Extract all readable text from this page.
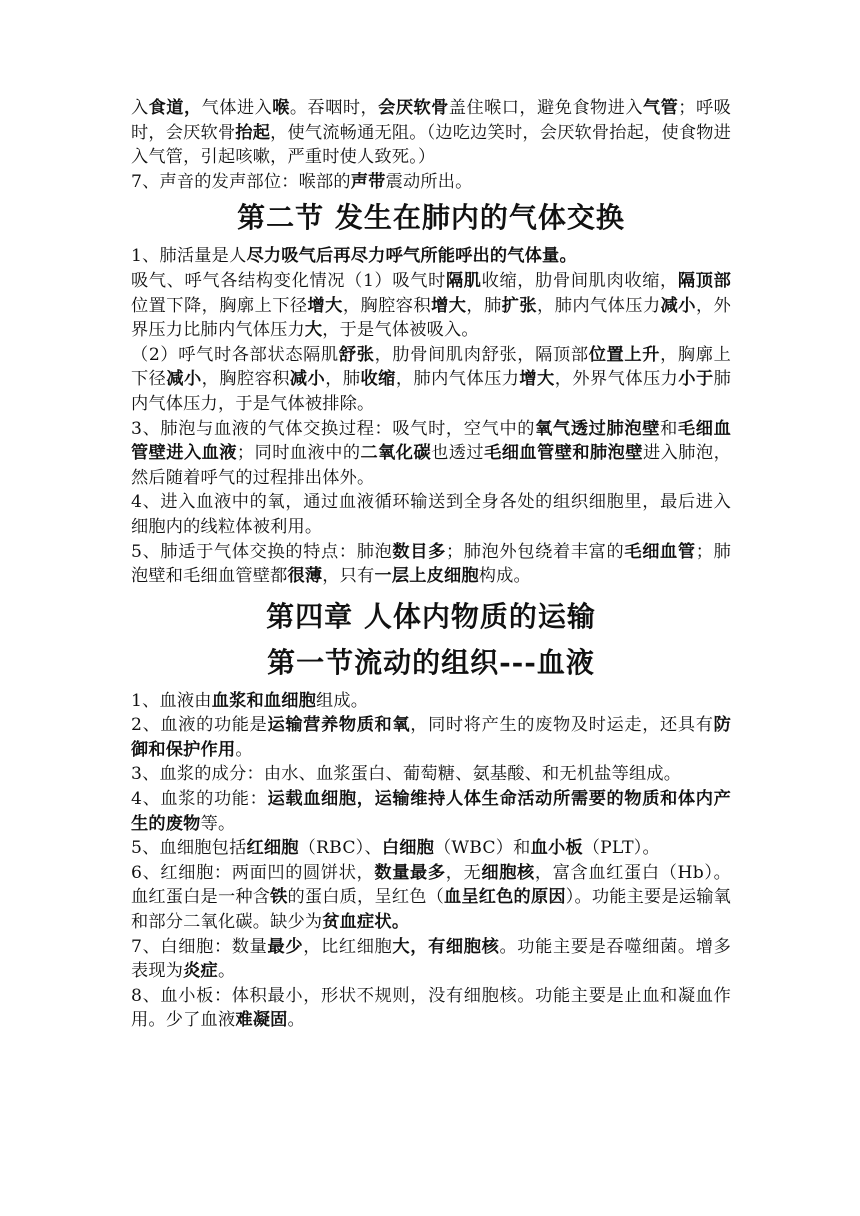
入食道，气体进入喉。吞咽时，会厌软骨盖住喉口，避免食物进入气管；呼吸时，会厌软骨抬起，使气流畅通无阻。（边吃边笑时，会厌软骨抬起，使食物进入气管，引起咳嗽，严重时使人致死。）

7、声音的发声部位：喉部的声带震动所出。

第二节 发生在肺内的气体交换

1、肺活量是人尽力吸气后再尽力呼气所能呼出的气体量。

吸气、呼气各结构变化情况（1）吸气时隔肌收缩，肋骨间肌肉收缩，隔顶部位置下降，胸廓上下径增大，胸腔容积增大，肺扩张，肺内气体压力减小，外界压力比肺内气体压力大，于是气体被吸入。

（2）呼气时各部状态隔肌舒张，肋骨间肌肉舒张，隔顶部位置上升，胸廓上下径减小，胸腔容积减小，肺收缩，肺内气体压力增大，外界气体压力小于肺内气体压力，于是气体被排除。

3、肺泡与血液的气体交换过程：吸气时，空气中的氧气透过肺泡壁和毛细血管壁进入血液；同时血液中的二氧化碳也透过毛细血管壁和肺泡壁进入肺泡，然后随着呼气的过程排出体外。

4、进入血液中的氧，通过血液循环输送到全身各处的组织细胞里，最后进入细胞内的线粒体被利用。

5、肺适于气体交换的特点：肺泡数目多；肺泡外包绕着丰富的毛细血管；肺泡壁和毛细血管壁都很薄，只有一层上皮细胞构成。

第四章 人体内物质的运输
第一节流动的组织---血液

1、血液由血浆和血细胞组成。

2、血液的功能是运输营养物质和氧，同时将产生的废物及时运走，还具有防御和保护作用。

3、血浆的成分：由水、血浆蛋白、葡萄糖、氨基酸、和无机盐等组成。

4、血浆的功能：运载血细胞，运输维持人体生命活动所需要的物质和体内产生的废物等。

5、血细胞包括红细胞（RBC）、白细胞（WBC）和血小板（PLT）。

6、红细胞：两面凹的圆饼状，数量最多，无细胞核，富含血红蛋白（Hb）。血红蛋白是一种含铁的蛋白质，呈红色（血呈红色的原因）。功能主要是运输氧和部分二氧化碳。缺少为贫血症状。

7、白细胞：数量最少，比红细胞大，有细胞核。功能主要是吞噬细菌。增多表现为炎症。

8、血小板：体积最小，形状不规则，没有细胞核。功能主要是止血和凝血作用。少了血液难凝固。
